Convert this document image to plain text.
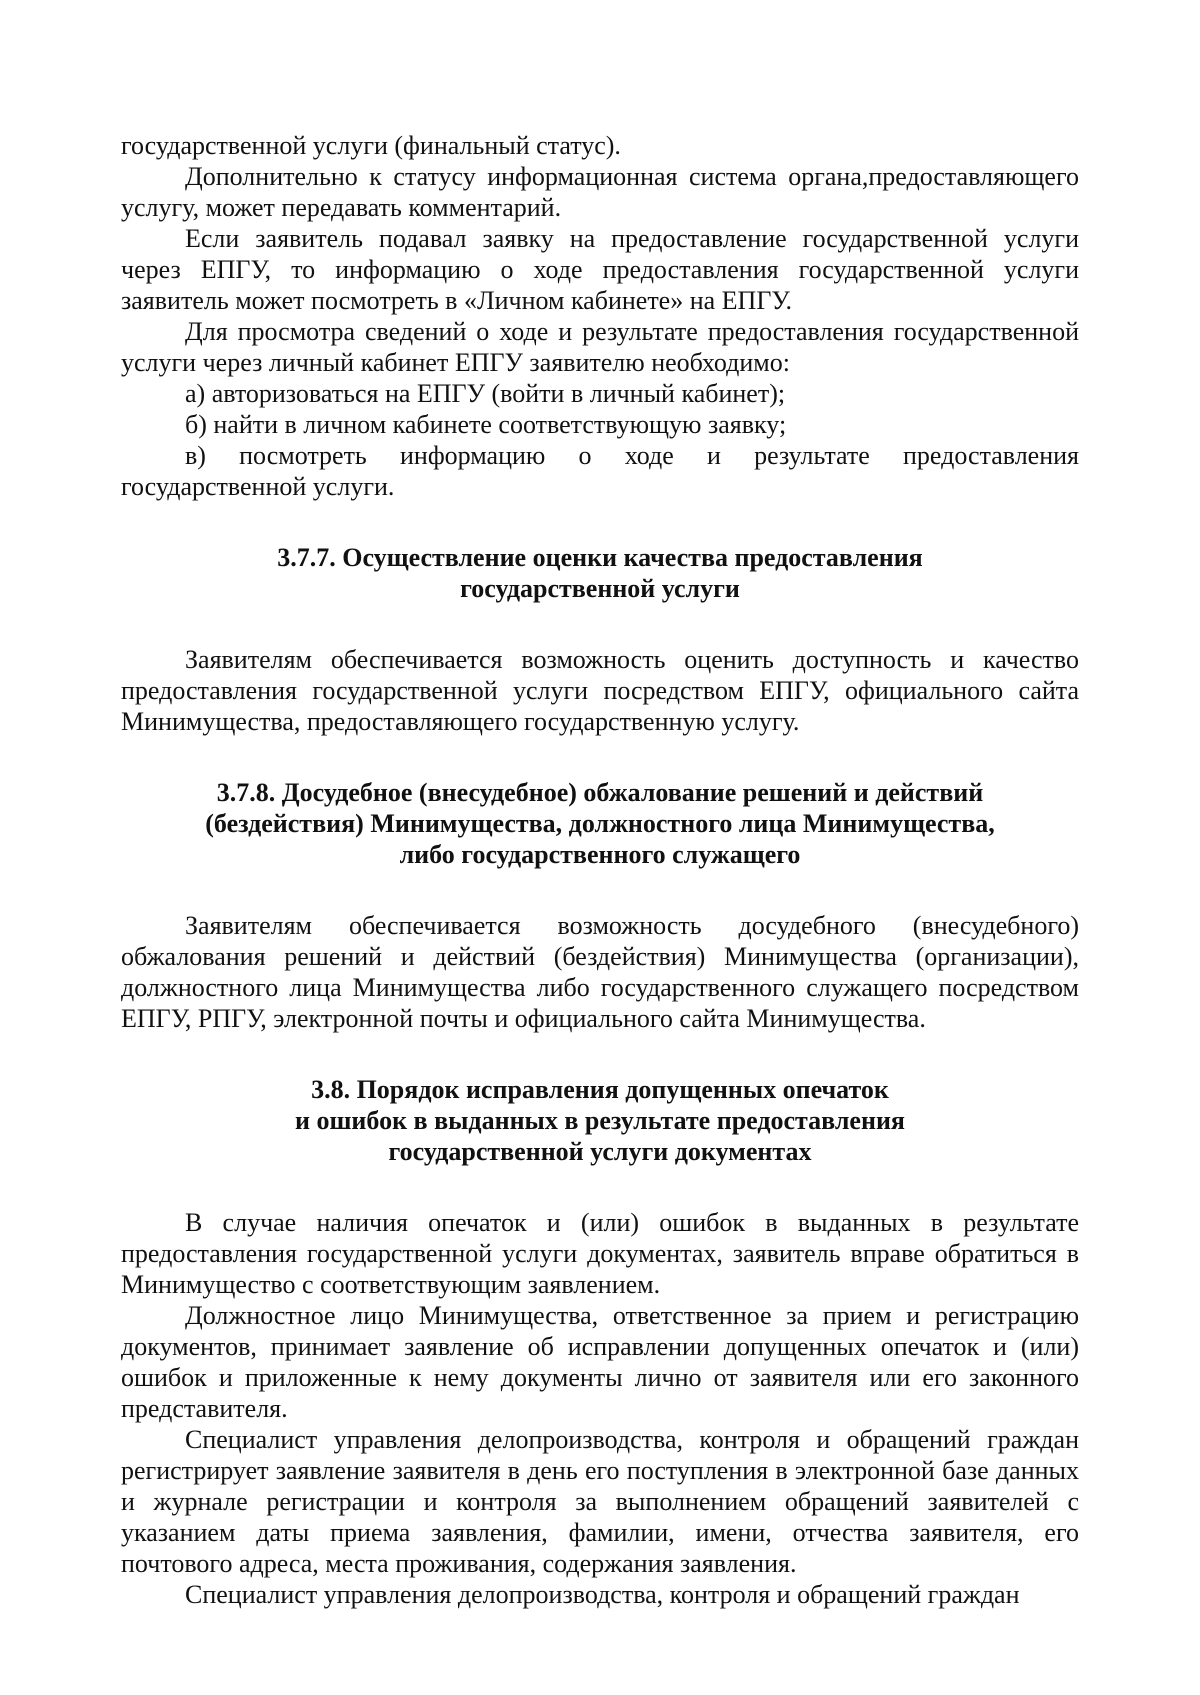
государственной услуги (финальный статус).

Дополнительно к статусу информационная система органа,предоставляющего услугу, может передавать комментарий.

Если заявитель подавал заявку на предоставление государственной услуги через ЕПГУ, то информацию о ходе предоставления государственной услуги заявитель может посмотреть в «Личном кабинете» на ЕПГУ.

Для просмотра сведений о ходе и результате предоставления государственной услуги через личный кабинет ЕПГУ заявителю необходимо:

а) авторизоваться на ЕПГУ (войти в личный кабинет);

б) найти в личном кабинете соответствующую заявку;

в) посмотреть информацию о ходе и результате предоставления государственной услуги.

3.7.7. Осуществление оценки качества предоставления

государственной услуги

Заявителям обеспечивается возможность оценить доступность и качество предоставления государственной услуги посредством ЕПГУ, официального сайта Минимущества, предоставляющего государственную услугу.

3.7.8. Досудебное (внесудебное) обжалование решений и действий

(бездействия) Минимущества, должностного лица Минимущества,

либо государственного служащего

Заявителям обеспечивается возможность досудебного (внесудебного) обжалования решений и действий (бездействия) Минимущества (организации), должностного лица Минимущества либо государственного служащего посредством ЕПГУ, РПГУ, электронной почты и официального сайта Минимущества.

3.8. Порядок исправления допущенных опечаток

и ошибок в выданных в результате предоставления

государственной услуги документах

В случае наличия опечаток и (или) ошибок в выданных в результате предоставления государственной услуги документах, заявитель вправе обратиться в Минимущество с соответствующим заявлением.

Должностное лицо Минимущества, ответственное за прием и регистрацию документов, принимает заявление об исправлении допущенных опечаток и (или) ошибок и приложенные к нему документы лично от заявителя или его законного представителя.

Специалист управления делопроизводства, контроля и обращений граждан регистрирует заявление заявителя в день его поступления в электронной базе данных и журнале регистрации и контроля за выполнением обращений заявителей с указанием даты приема заявления, фамилии, имени, отчества заявителя, его почтового адреса, места проживания, содержания заявления.

Специалист управления делопроизводства, контроля и обращений граждан
